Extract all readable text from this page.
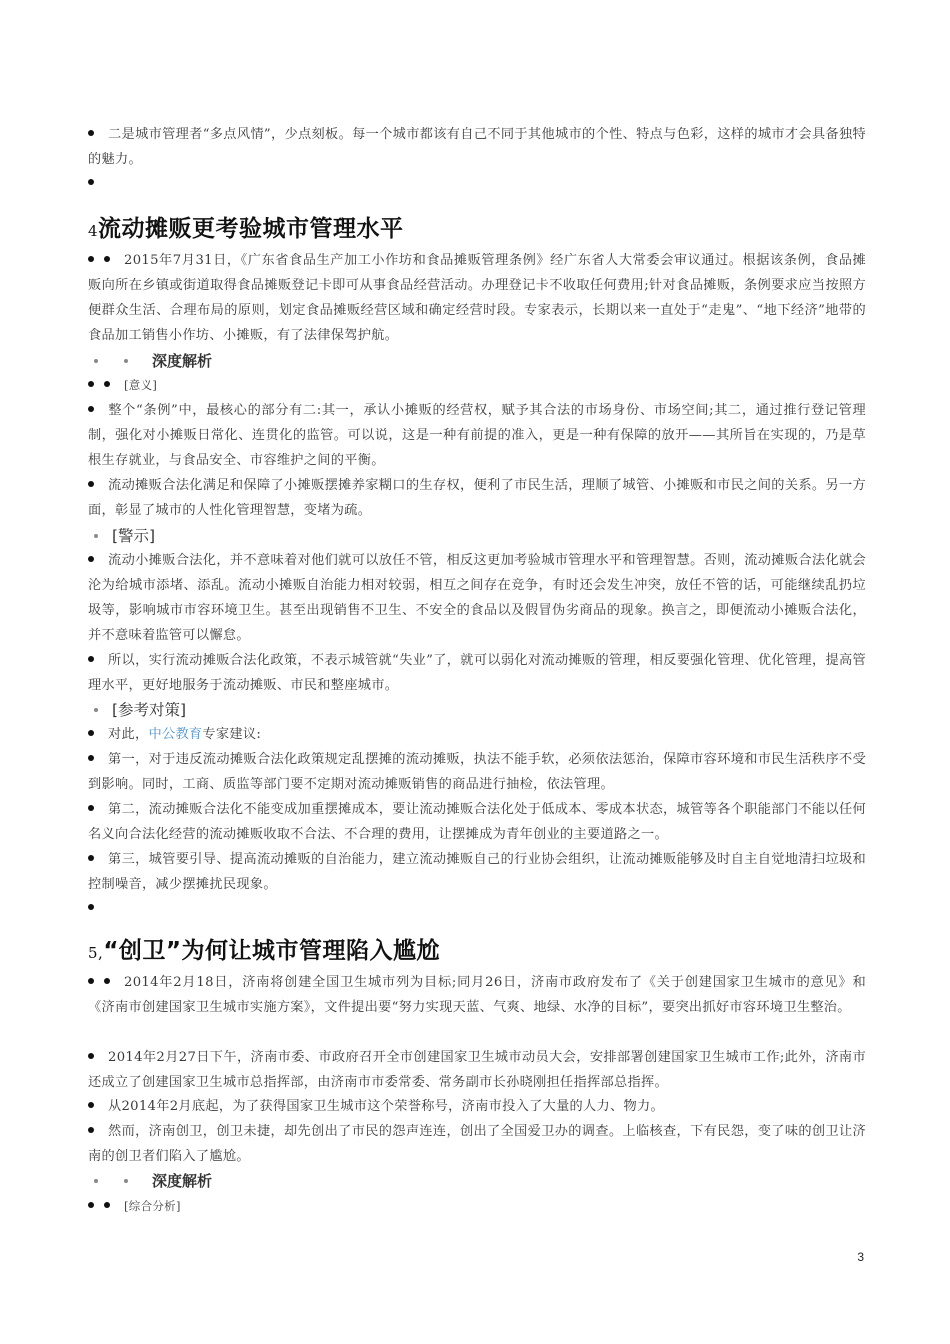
二是城市管理者“多点风情”，少点刻板。每一个城市都该有自己不同于其他城市的个性、特点与色彩，这样的城市才会具备独特的魅力。
4流动摊贩更考验城市管理水平
2015年7月31日，《广东省食品生产加工小作坊和食品摊贩管理条例》经广东省人大常委会审议通过。根据该条例，食品摊贩向所在乡镇或街道取得食品摊贩登记卡即可从事食品经营活动。办理登记卡不收取任何费用;针对食品摊贩，条例要求应当按照方便群众生活、合理布局的原则，划定食品摊贩经营区域和确定经营时段。专家表示，长期以来一直处于“走鬼”、“地下经济”地带的食品加工销售小作坊、小摊贩，有了法律保驾护航。
深度解析
[意义]
整个“条例”中，最核心的部分有二:其一，承认小摊贩的经营权，赋予其合法的市场身份、市场空间;其二，通过推行登记管理制，强化对小摊贩日常化、连贯化的监管。可以说，这是一种有前提的准入，更是一种有保障的放开——其所旨在实现的，乃是草根生存就业，与食品安全、市容维护之间的平衡。
流动摊贩合法化满足和保障了小摊贩摆摊养家糊口的生存权，便利了市民生活，理顺了城管、小摊贩和市民之间的关系。另一方面，彰显了城市的人性化管理智慧，变堵为疏。
[警示]
流动小摊贩合法化，并不意味着对他们就可以放任不管，相反这更加考验城市管理水平和管理智慧。否则，流动摊贩合法化就会沦为给城市添堵、添乱。流动小摊贩自治能力相对较弱，相互之间存在竞争，有时还会发生冲突，放任不管的话，可能继续乱扔垃圾等，影响城市市容环境卫生。甚至出现销售不卫生、不安全的食品以及假冒伪劣商品的现象。换言之，即便流动小摊贩合法化，并不意味着监管可以懈怠。
所以，实行流动摊贩合法化政策，不表示城管就“失业”了，就可以弱化对流动摊贩的管理，相反要强化管理、优化管理，提高管理水平，更好地服务于流动摊贩、市民和整座城市。
[参考对策]
对此，中公教育专家建议:
第一，对于违反流动摊贩合法化政策规定乱摆摊的流动摊贩，执法不能手软，必须依法惩治，保障市容环境和市民生活秩序不受到影响。同时，工商、质监等部门要不定期对流动摊贩销售的商品进行抽检，依法管理。
第二，流动摊贩合法化不能变成加重摆摊成本，要让流动摊贩合法化处于低成本、零成本状态，城管等各个职能部门不能以任何名义向合法化经营的流动摊贩收取不合法、不合理的费用，让摆摊成为青年创业的主要道路之一。
第三，城管要引导、提高流动摊贩的自治能力，建立流动摊贩自己的行业协会组织，让流动摊贩能够及时自主自觉地清扫垃圾和控制噪音，减少摆摊扰民现象。
5,“创卫”为何让城市管理陷入尴尬
2014年2月18日，济南将创建全国卫生城市列为目标;同月26日，济南市政府发布了《关于创建国家卫生城市的意见》和《济南市创建国家卫生城市实施方案》，文件提出要“努力实现天蓝、气爽、地绿、水净的目标”，要突出抓好市容环境卫生整治。
2014年2月27日下午，济南市委、市政府召开全市创建国家卫生城市动员大会，安排部署创建国家卫生城市工作;此外，济南市还成立了创建国家卫生城市总指挥部，由济南市市委常委、常务副市长孙晓刚担任指挥部总指挥。
从2014年2月底起，为了获得国家卫生城市这个荣誉称号，济南市投入了大量的人力、物力。
然而，济南创卫，创卫未捷，却先创出了市民的怨声连连，创出了全国爱卫办的调查。上临核查，下有民怨，变了味的创卫让济南的创卫者们陷入了尴尬。
深度解析
[综合分析]
3
